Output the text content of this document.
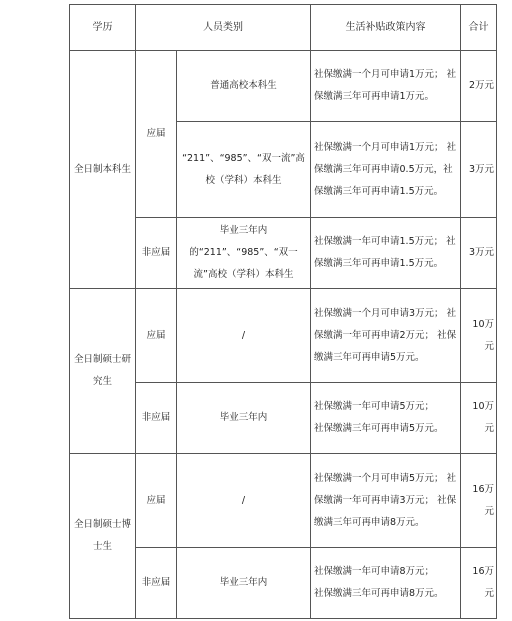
学历	人员类别		生活补贴政策内容	合计
全日制本科生	应届	普通高校本科生	社保缴满一个月可申请1万元； 社保缴满三年可再申请1万元。	2万元
		“211”、“985”、“双一流”高校（学科）本科生	社保缴满一个月可申请1万元； 社保缴满三年可再申请0.5万元，社保缴满三年可再申请1.5万元。	3万元
	非应届	毕业三年内的“211”、“985”、“双一流”高校（学科）本科生	社保缴满一年可申请1.5万元； 社保缴满三年可再申请1.5万元。	3万元
全日制硕士研究生	应届	/	社保缴满一个月可申请3万元； 社保缴满一年可再申请2万元； 社保缴满三年可再申请5万元。	10万元
	非应届	毕业三年内	社保缴满一年可申请5万元；　　　社保缴满三年可再申请5万元。	10万元
全日制硕士博士生	应届	/	社保缴满一个月可申请5万元； 社保缴满一年可再申请3万元； 社保缴满三年可再申请8万元。	16万元
	非应届	毕业三年内	社保缴满一年可申请8万元；　　　社保缴满三年可再申请8万元。	16万元
